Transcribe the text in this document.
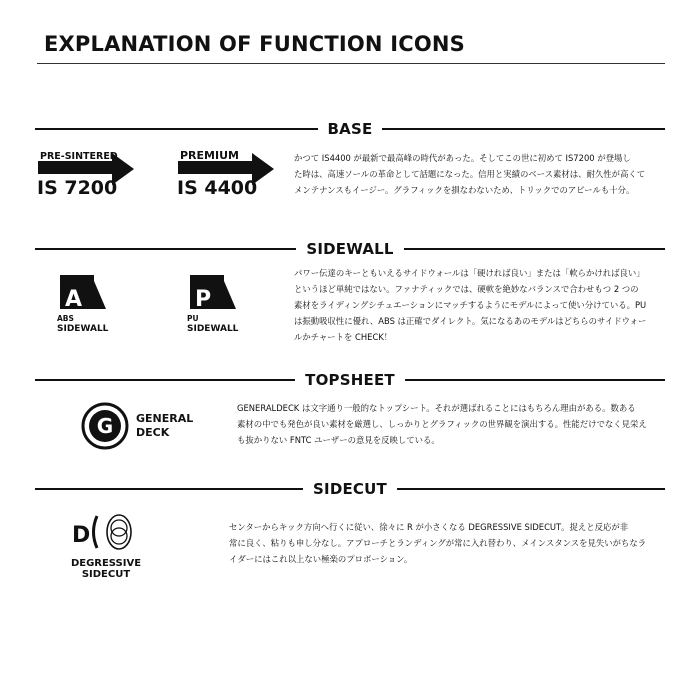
EXPLANATION OF FUNCTION ICONS
BASE
PRE-SINTERED
IS 7200
PREMIUM
IS 4400
かつて IS4400 が最新で最高峰の時代があった。そしてこの世に初めて IS7200 が登場し
た時は、高速ソールの革命として話題になった。信用と実績のベース素材は、耐久性が高くて
メンテナンスもイージー。グラフィックを損なわないため、トリックでのアピールも十分。
SIDEWALL
A
ABS
SIDEWALL
P
PU
SIDEWALL
パワー伝達のキーともいえるサイドウォールは「硬ければ良い」または「軟らかければ良い」
というほど単純ではない。ファナティックでは、硬軟を絶妙なバランスで合わせもつ 2 つの
素材をライディングシチュエーションにマッチするようにモデルによって使い分けている。PU
は振動吸収性に優れ、ABS は正確でダイレクト。気になるあのモデルはどちらのサイドウォー
ルかチャートを CHECK！
TOPSHEET
G GENERAL
DECK
GENERALDECK は文字通り一般的なトップシート。それが選ばれることにはもちろん理由がある。数ある
素材の中でも発色が良い素材を厳選し、しっかりとグラフィックの世界観を演出する。性能だけでなく見栄え
も抜かりない FNTC ユーザーの意見を反映している。
SIDECUT
D
DEGRESSIVE
SIDECUT
センターからキック方向へ行くに従い、徐々に R が小さくなる DEGRESSIVE SIDECUT。捉えと反応が非
常に良く、粘りも申し分なし。アプローチとランディングが常に入れ替わり、メインスタンスを見失いがちなラ
イダーにはこれ以上ない極楽のプロポーション。
